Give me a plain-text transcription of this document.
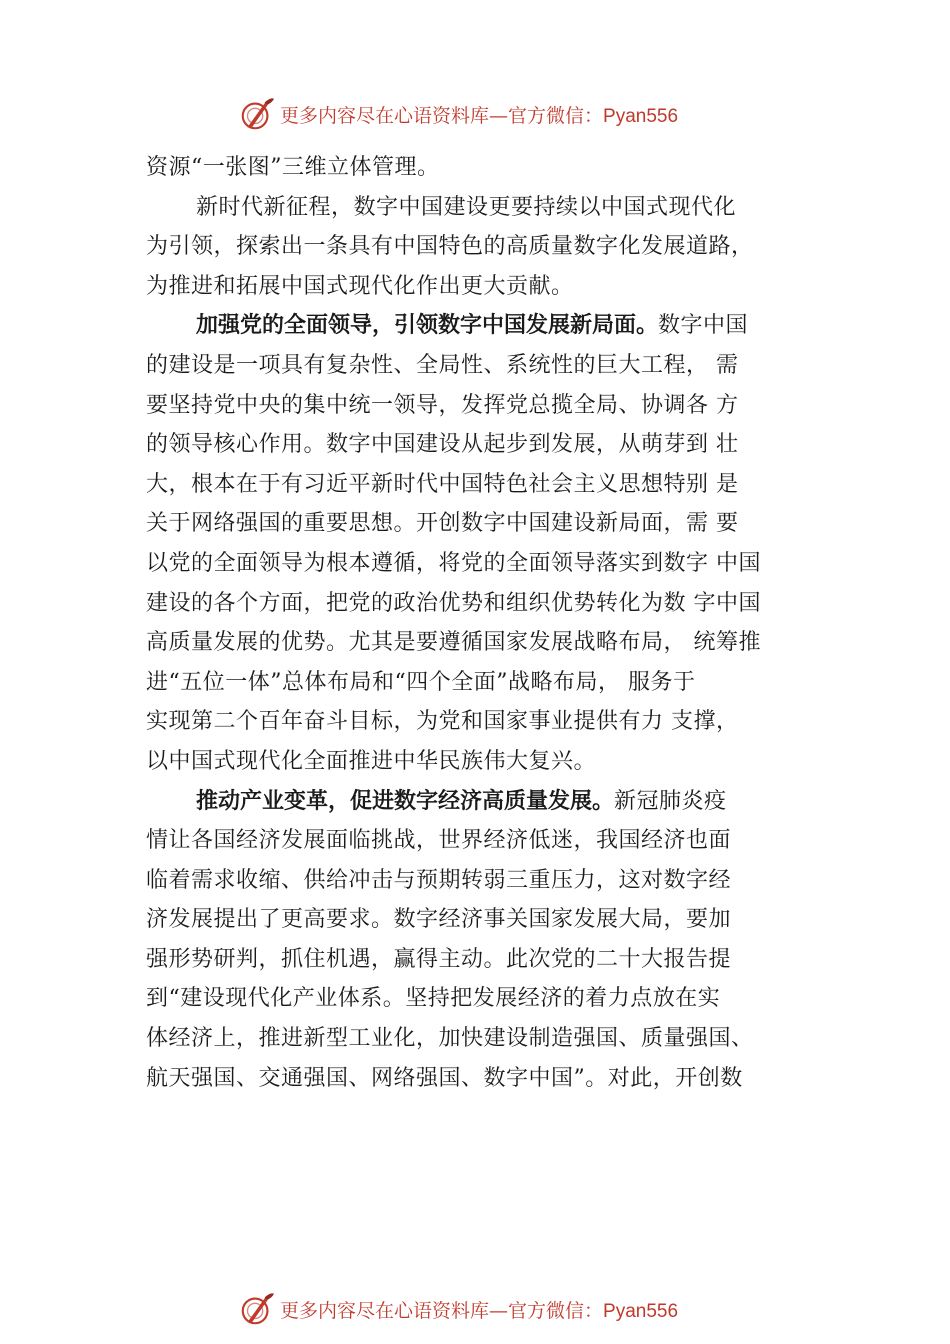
更多内容尽在心语资料库—官方微信：Pyan556
资源“一张图”三维立体管理。
新时代新征程，数字中国建设更要持续以中国式现代化
为引领，探索出一条具有中国特色的高质量数字化发展道路，
为推进和拓展中国式现代化作出更大贡献。
加强党的全面领导，引领数字中国发展新局面。数字中国
的建设是一项具有复杂性、全局性、系统性的巨大工程， 需
要坚持党中央的集中统一领导，发挥党总揽全局、协调各 方
的领导核心作用。数字中国建设从起步到发展，从萌芽到 壮
大，根本在于有习近平新时代中国特色社会主义思想特别 是
关于网络强国的重要思想。开创数字中国建设新局面，需 要
以党的全面领导为根本遵循，将党的全面领导落实到数字 中国
建设的各个方面，把党的政治优势和组织优势转化为数 字中国
高质量发展的优势。尤其是要遵循国家发展战略布局， 统筹推
进“五位一体”总体布局和“四个全面”战略布局， 服务于
实现第二个百年奋斗目标，为党和国家事业提供有力 支撑，
以中国式现代化全面推进中华民族伟大复兴。
推动产业变革，促进数字经济高质量发展。新冠肺炎疫
情让各国经济发展面临挑战，世界经济低迷，我国经济也面
临着需求收缩、供给冲击与预期转弱三重压力，这对数字经
济发展提出了更高要求。数字经济事关国家发展大局，要加
强形势研判，抓住机遇，赢得主动。此次党的二十大报告提
到“建设现代化产业体系。坚持把发展经济的着力点放在实
体经济上，推进新型工业化，加快建设制造强国、质量强国、
航天强国、交通强国、网络强国、数字中国”。对此，开创数
更多内容尽在心语资料库—官方微信：Pyan556
